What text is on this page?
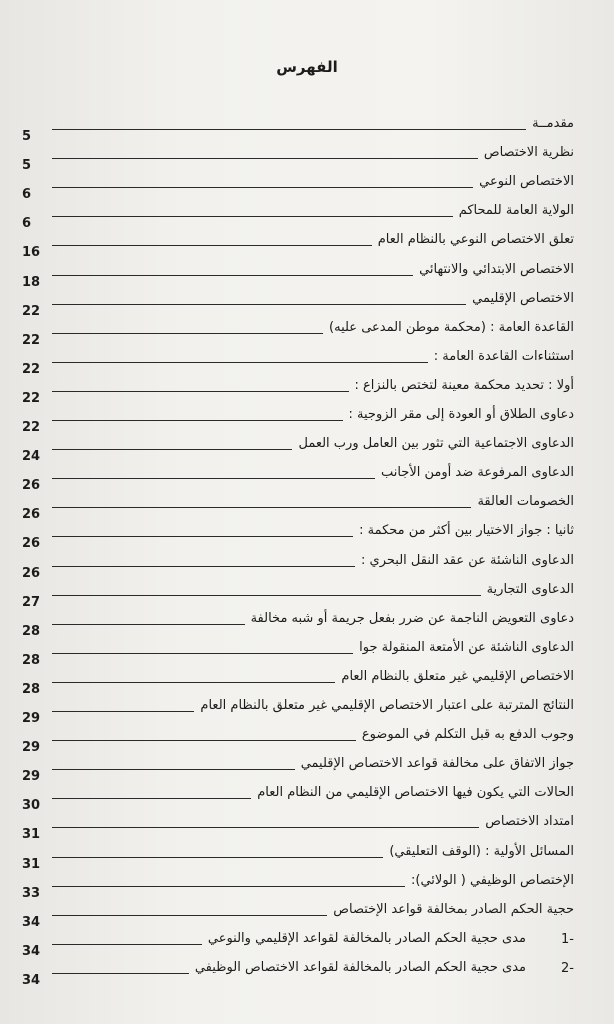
الفهرس
مقدمــة
5
نظرية الاختصاص
5
الاختصاص النوعي
6
الولاية العامة للمحاكم
6
تعلق الاختصاص النوعي بالنظام العام
16
الاختصاص الابتدائي والانتهائي
18
الاختصاص الإقليمي
22
القاعدة العامة : (محكمة موطن المدعى عليه)
22
استثناءات القاعدة العامة :
22
أولا : تحديد محكمة معينة لتختص بالنزاع :
22
دعاوى الطلاق أو العودة إلى مقر الزوجية :
22
الدعاوى الاجتماعية التي تثور بين العامل ورب العمل
24
الدعاوى المرفوعة ضد أومن الأجانب
26
الخصومات العالقة
26
ثانيا : جواز الاختيار بين أكثر من محكمة :
26
الدعاوى الناشئة عن عقد النقل البحري :
26
الدعاوى التجارية
27
دعاوى التعويض الناجمة عن ضرر بفعل جريمة أو شبه مخالفة
28
الدعاوى الناشئة عن الأمتعة المنقولة جوا
28
الاختصاص الإقليمي غير متعلق بالنظام العام
28
النتائج المترتبة على اعتبار الاختصاص الإقليمي غير متعلق بالنظام العام
29
وجوب الدفع به قبل التكلم في الموضوع
29
جواز الاتفاق على مخالفة قواعد الاختصاص الإقليمي
29
الحالات التي يكون فيها الاختصاص الإقليمي من النظام العام
30
امتداد الاختصاص
31
المسائل الأولية : (الوقف التعليقي)
31
الإختصاص الوظيفي ( الولائي):
33
حجية الحكم الصادر بمخالفة قواعد الإختصاص
34
1-
مدى حجية الحكم الصادر بالمخالفة لقواعد الإقليمي والنوعي
34
2-
مدى حجية الحكم الصادر بالمخالفة لقواعد الاختصاص الوظيفي
34
